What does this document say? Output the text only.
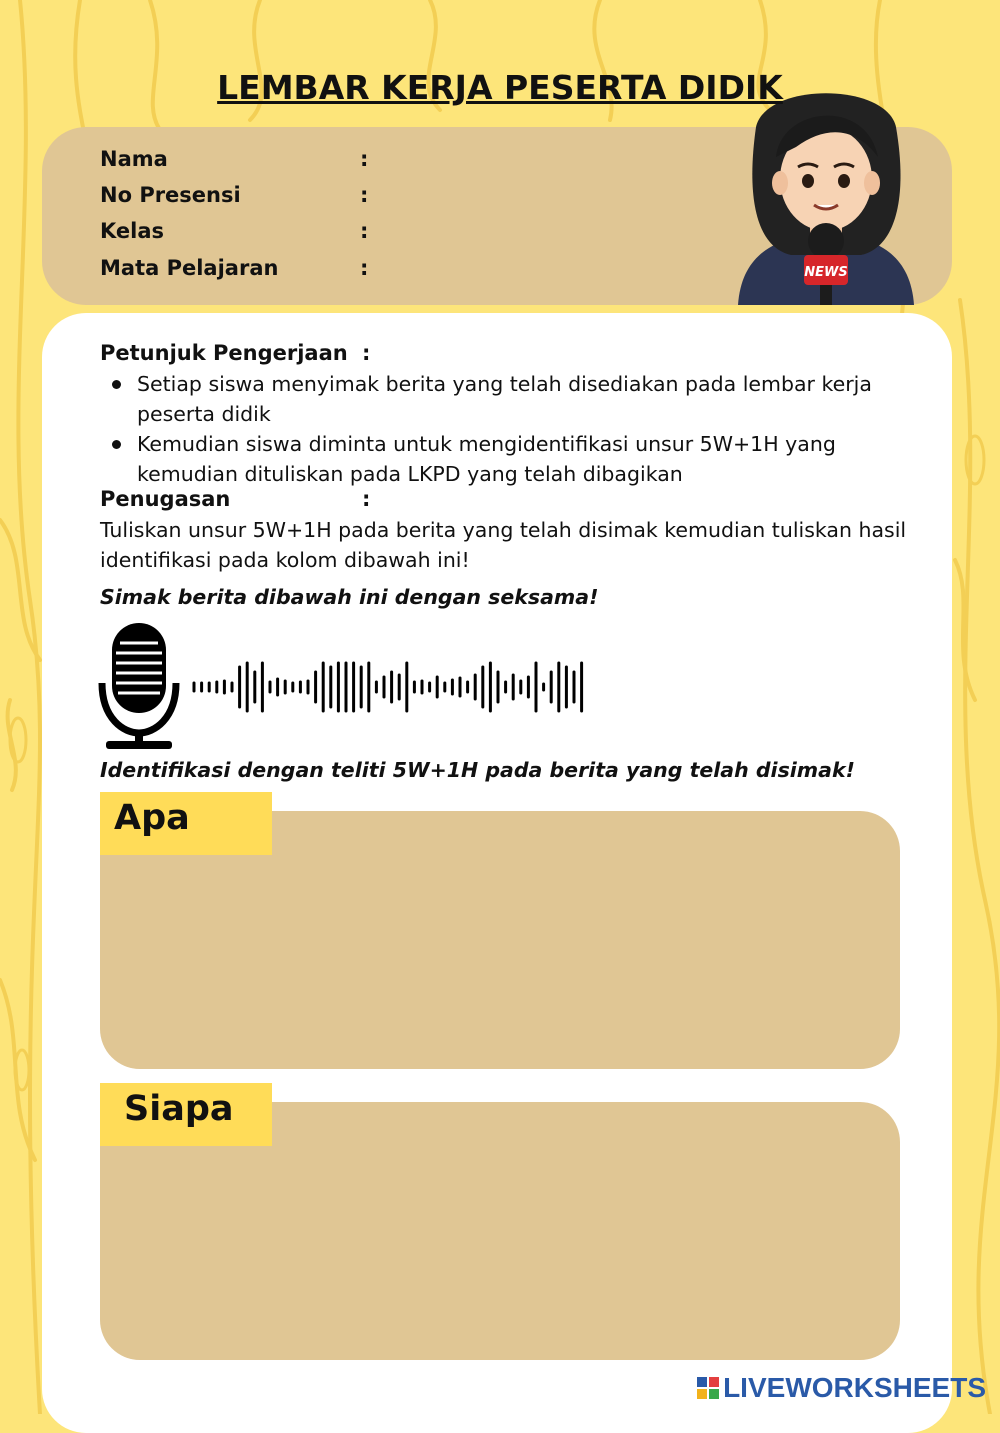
LEMBAR KERJA PESERTA DIDIK
Nama	:
No Presensi	:
Kelas	:
Mata Pelajaran	:	NEWS
Petunjuk Pengerjaan :
Setiap siswa menyimak berita yang telah disediakan pada lembar kerja peserta didik
Kemudian siswa diminta untuk mengidentifikasi unsur 5W+1H yang kemudian dituliskan pada LKPD yang telah dibagikan
Penugasan	:
Tuliskan unsur 5W+1H pada berita yang telah disimak kemudian tuliskan hasil identifikasi pada kolom dibawah ini!
Simak berita dibawah ini dengan seksama!
Identifikasi dengan teliti 5W+1H pada berita yang telah disimak!
Apa
Siapa
LIVEWORKSHEETS
